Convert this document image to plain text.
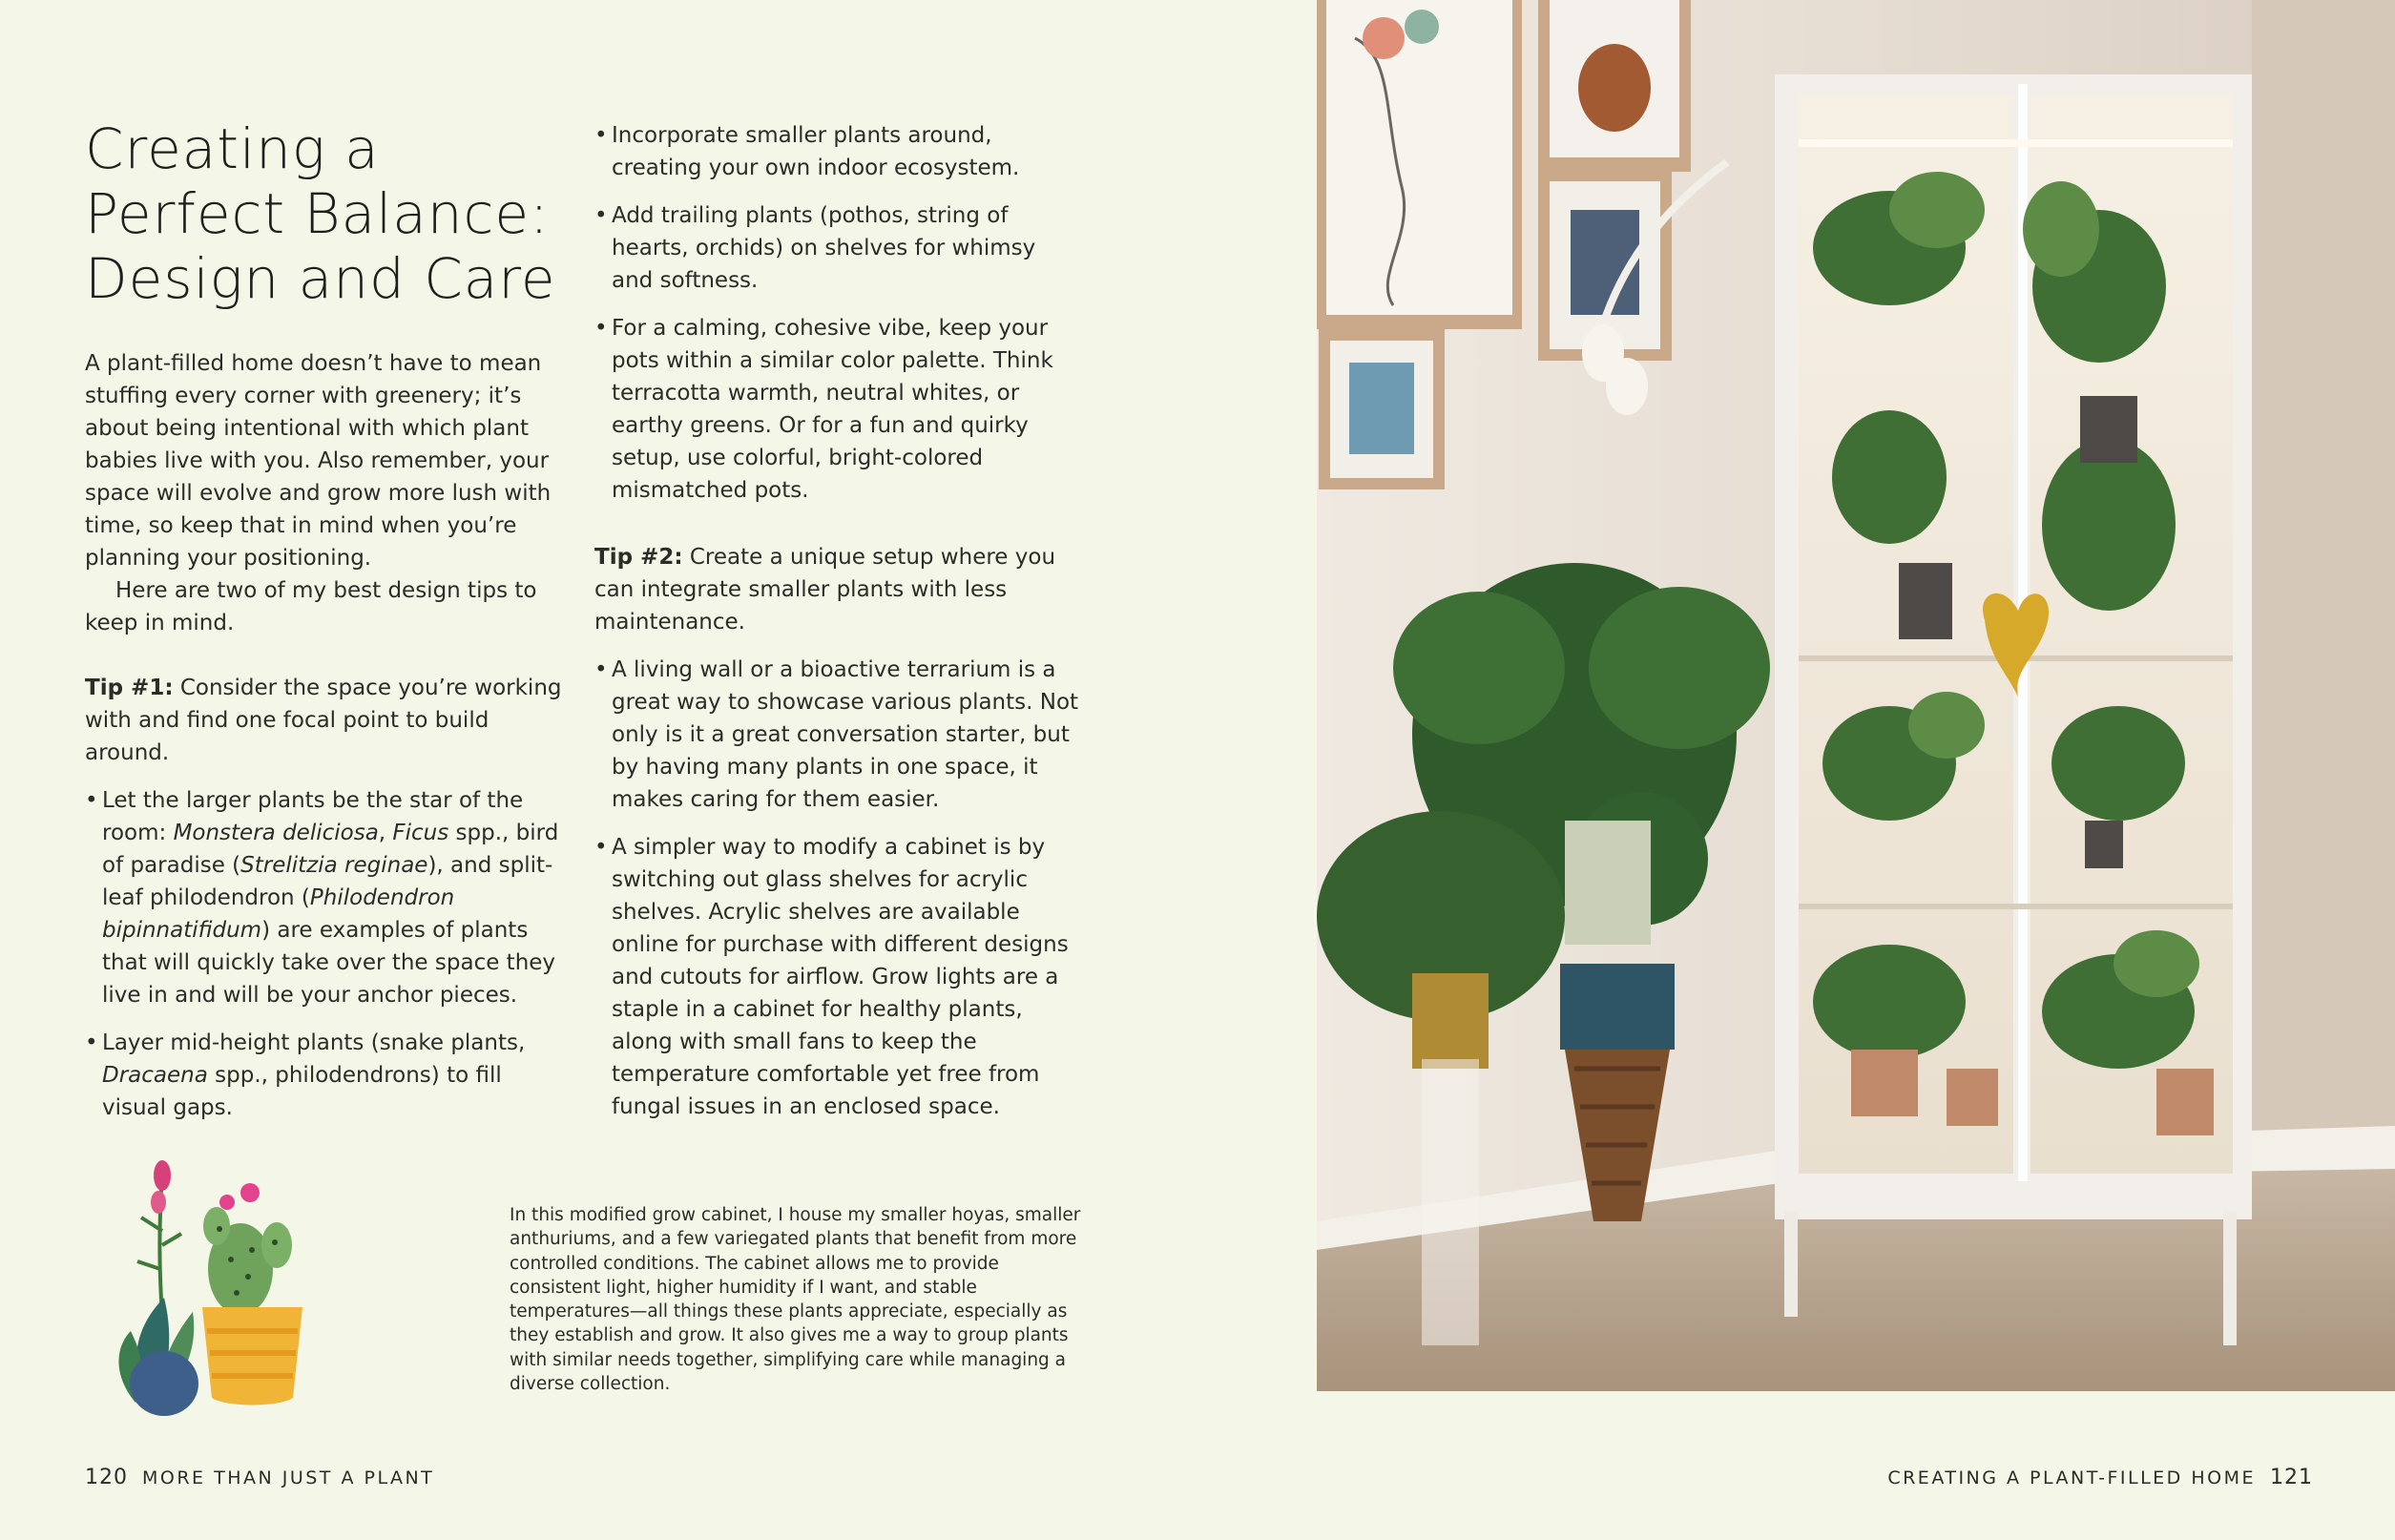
Creating a
Perfect Balance:
Design and Care

A plant-filled home doesn’t have to mean stuffing every corner with greenery; it’s about being intentional with which plant babies live with you. Also remember, your space will evolve and grow more lush with time, so keep that in mind when you’re planning your positioning.

Here are two of my best design tips to keep in mind.

Tip #1: Consider the space you’re working with and find one focal point to build around.

• Let the larger plants be the star of the room: Monstera deliciosa, Ficus spp., bird of paradise (Strelitzia reginae), and split-leaf philodendron (Philodendron bipinnatifidum) are examples of plants that will quickly take over the space they live in and will be your anchor pieces.
• Layer mid-height plants (snake plants, Dracaena spp., philodendrons) to fill visual gaps.
• Incorporate smaller plants around, creating your own indoor ecosystem.
• Add trailing plants (pothos, string of hearts, orchids) on shelves for whimsy and softness.
• For a calming, cohesive vibe, keep your pots within a similar color palette. Think terracotta warmth, neutral whites, or earthy greens. Or for a fun and quirky setup, use colorful, bright-colored mismatched pots.

Tip #2: Create a unique setup where you can integrate smaller plants with less maintenance.

• A living wall or a bioactive terrarium is a great way to showcase various plants. Not only is it a great conversation starter, but by having many plants in one space, it makes caring for them easier.
• A simpler way to modify a cabinet is by switching out glass shelves for acrylic shelves. Acrylic shelves are available online for purchase with different designs and cutouts for airflow. Grow lights are a staple in a cabinet for healthy plants, along with small fans to keep the temperature comfortable yet free from fungal issues in an enclosed space.
In this modified grow cabinet, I house my smaller hoyas, smaller anthuriums, and a few variegated plants that benefit from more controlled conditions. The cabinet allows me to provide consistent light, higher humidity if I want, and stable temperatures—all things these plants appreciate, especially as they establish and grow. It also gives me a way to group plants with similar needs together, simplifying care while managing a diverse collection.
120 MORE THAN JUST A PLANT	CREATING A PLANT-FILLED HOME 121
